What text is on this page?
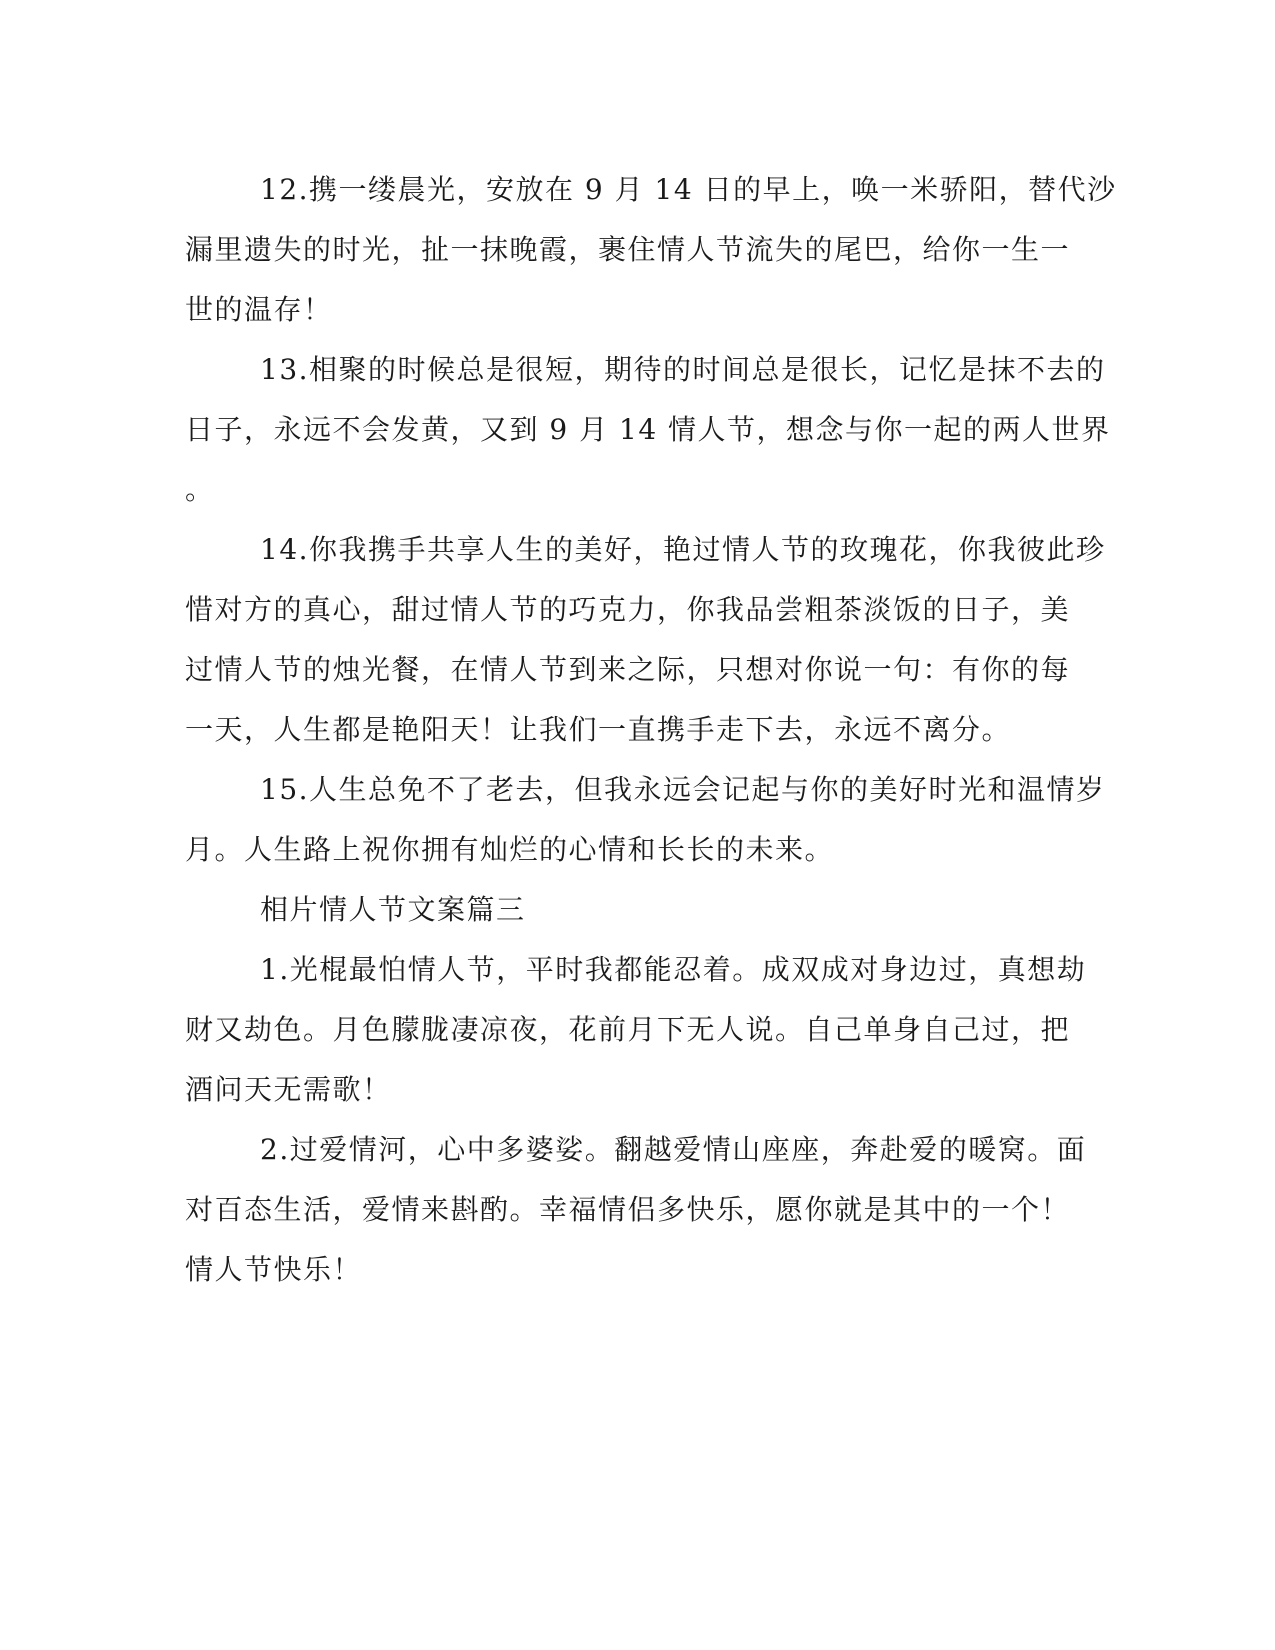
12.携一缕晨光，安放在 9 月 14 日的早上，唤一米骄阳，替代沙
漏里遗失的时光，扯一抹晚霞，裹住情人节流失的尾巴，给你一生一
世的温存！

13.相聚的时候总是很短，期待的时间总是很长，记忆是抹不去的
日子，永远不会发黄，又到 9 月 14 情人节，想念与你一起的两人世界
。

14.你我携手共享人生的美好，艳过情人节的玫瑰花，你我彼此珍
惜对方的真心，甜过情人节的巧克力，你我品尝粗茶淡饭的日子，美
过情人节的烛光餐，在情人节到来之际，只想对你说一句：有你的每
一天，人生都是艳阳天！让我们一直携手走下去，永远不离分。

15.人生总免不了老去，但我永远会记起与你的美好时光和温情岁
月。人生路上祝你拥有灿烂的心情和长长的未来。

相片情人节文案篇三

1.光棍最怕情人节，平时我都能忍着。成双成对身边过，真想劫
财又劫色。月色朦胧凄凉夜，花前月下无人说。自己单身自己过，把
酒问天无需歌！

2.过爱情河，心中多婆娑。翻越爱情山座座，奔赴爱的暖窝。面
对百态生活，爱情来斟酌。幸福情侣多快乐，愿你就是其中的一个！
情人节快乐！
